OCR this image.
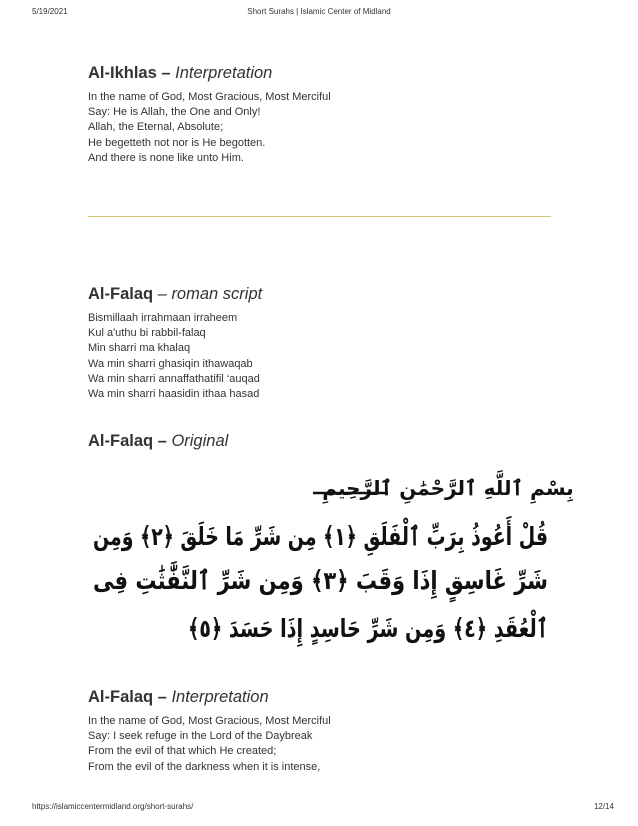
5/19/2021	Short Surahs | Islamic Center of Midland
Al-Ikhlas – Interpretation
In the name of God, Most Gracious, Most Merciful
Say: He is Allah, the One and Only!
Allah, the Eternal, Absolute;
He begetteth not nor is He begotten.
And there is none like unto Him.
Al-Falaq – roman script
Bismillaah irrahmaan irraheem
Kul a'uthu bi rabbil-falaq
Min sharri ma khalaq
Wa min sharri ghasiqin ithawaqab
Wa min sharri annaffathatifil ‘auqad
Wa min sharri haasidin ithaa hasad
Al-Falaq – Original
بِسْمِ ٱللَّهِ ٱلرَّحْمَٰنِ ٱلرَّحِيمِ
قُلْ أَعُوذُ بِرَبِّ ٱلْفَلَقِ ﴿١﴾ مِن شَرِّ مَا خَلَقَ ﴿٢﴾ وَمِن
شَرِّ غَاسِقٍ إِذَا وَقَبَ ﴿٣﴾ وَمِن شَرِّ ٱلنَّفَّٰثَٰتِ فِى
ٱلْعُقَدِ ﴿٤﴾ وَمِن شَرِّ حَاسِدٍ إِذَا حَسَدَ ﴿٥﴾
Al-Falaq – Interpretation
In the name of God, Most Gracious, Most Merciful
Say: I seek refuge in the Lord of the Daybreak
From the evil of that which He created;
From the evil of the darkness when it is intense,
https://islamiccentermidland.org/short-surahs/	12/14
